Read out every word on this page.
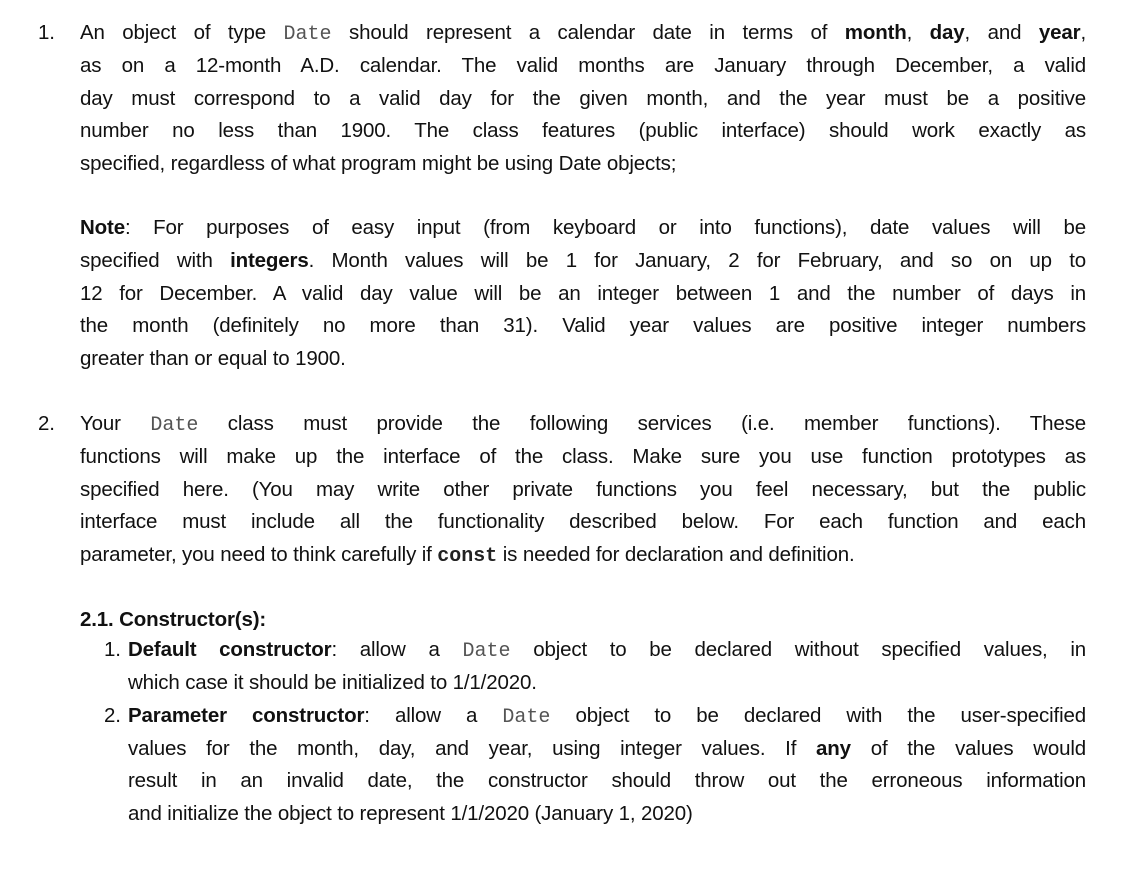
1. An object of type Date should represent a calendar date in terms of month, day, and year,
as on a 12-month A.D. calendar. The valid months are January through December, a valid
day must correspond to a valid day for the given month, and the year must be a positive
number no less than 1900. The class features (public interface) should work exactly as
specified, regardless of what program might be using Date objects;
Note: For purposes of easy input (from keyboard or into functions), date values will be
specified with integers. Month values will be 1 for January, 2 for February, and so on up to
12 for December. A valid day value will be an integer between 1 and the number of days in
the month (definitely no more than 31). Valid year values are positive integer numbers
greater than or equal to 1900.
2. Your Date class must provide the following services (i.e. member functions). These
functions will make up the interface of the class. Make sure you use function prototypes as
specified here. (You may write other private functions you feel necessary, but the public
interface must include all the functionality described below. For each function and each
parameter, you need to think carefully if const is needed for declaration and definition.
2.1. Constructor(s):
1. Default constructor: allow a Date object to be declared without specified values, in
which case it should be initialized to 1/1/2020.
2. Parameter constructor: allow a Date object to be declared with the user-specified
values for the month, day, and year, using integer values. If any of the values would
result in an invalid date, the constructor should throw out the erroneous information
and initialize the object to represent 1/1/2020 (January 1, 2020)
